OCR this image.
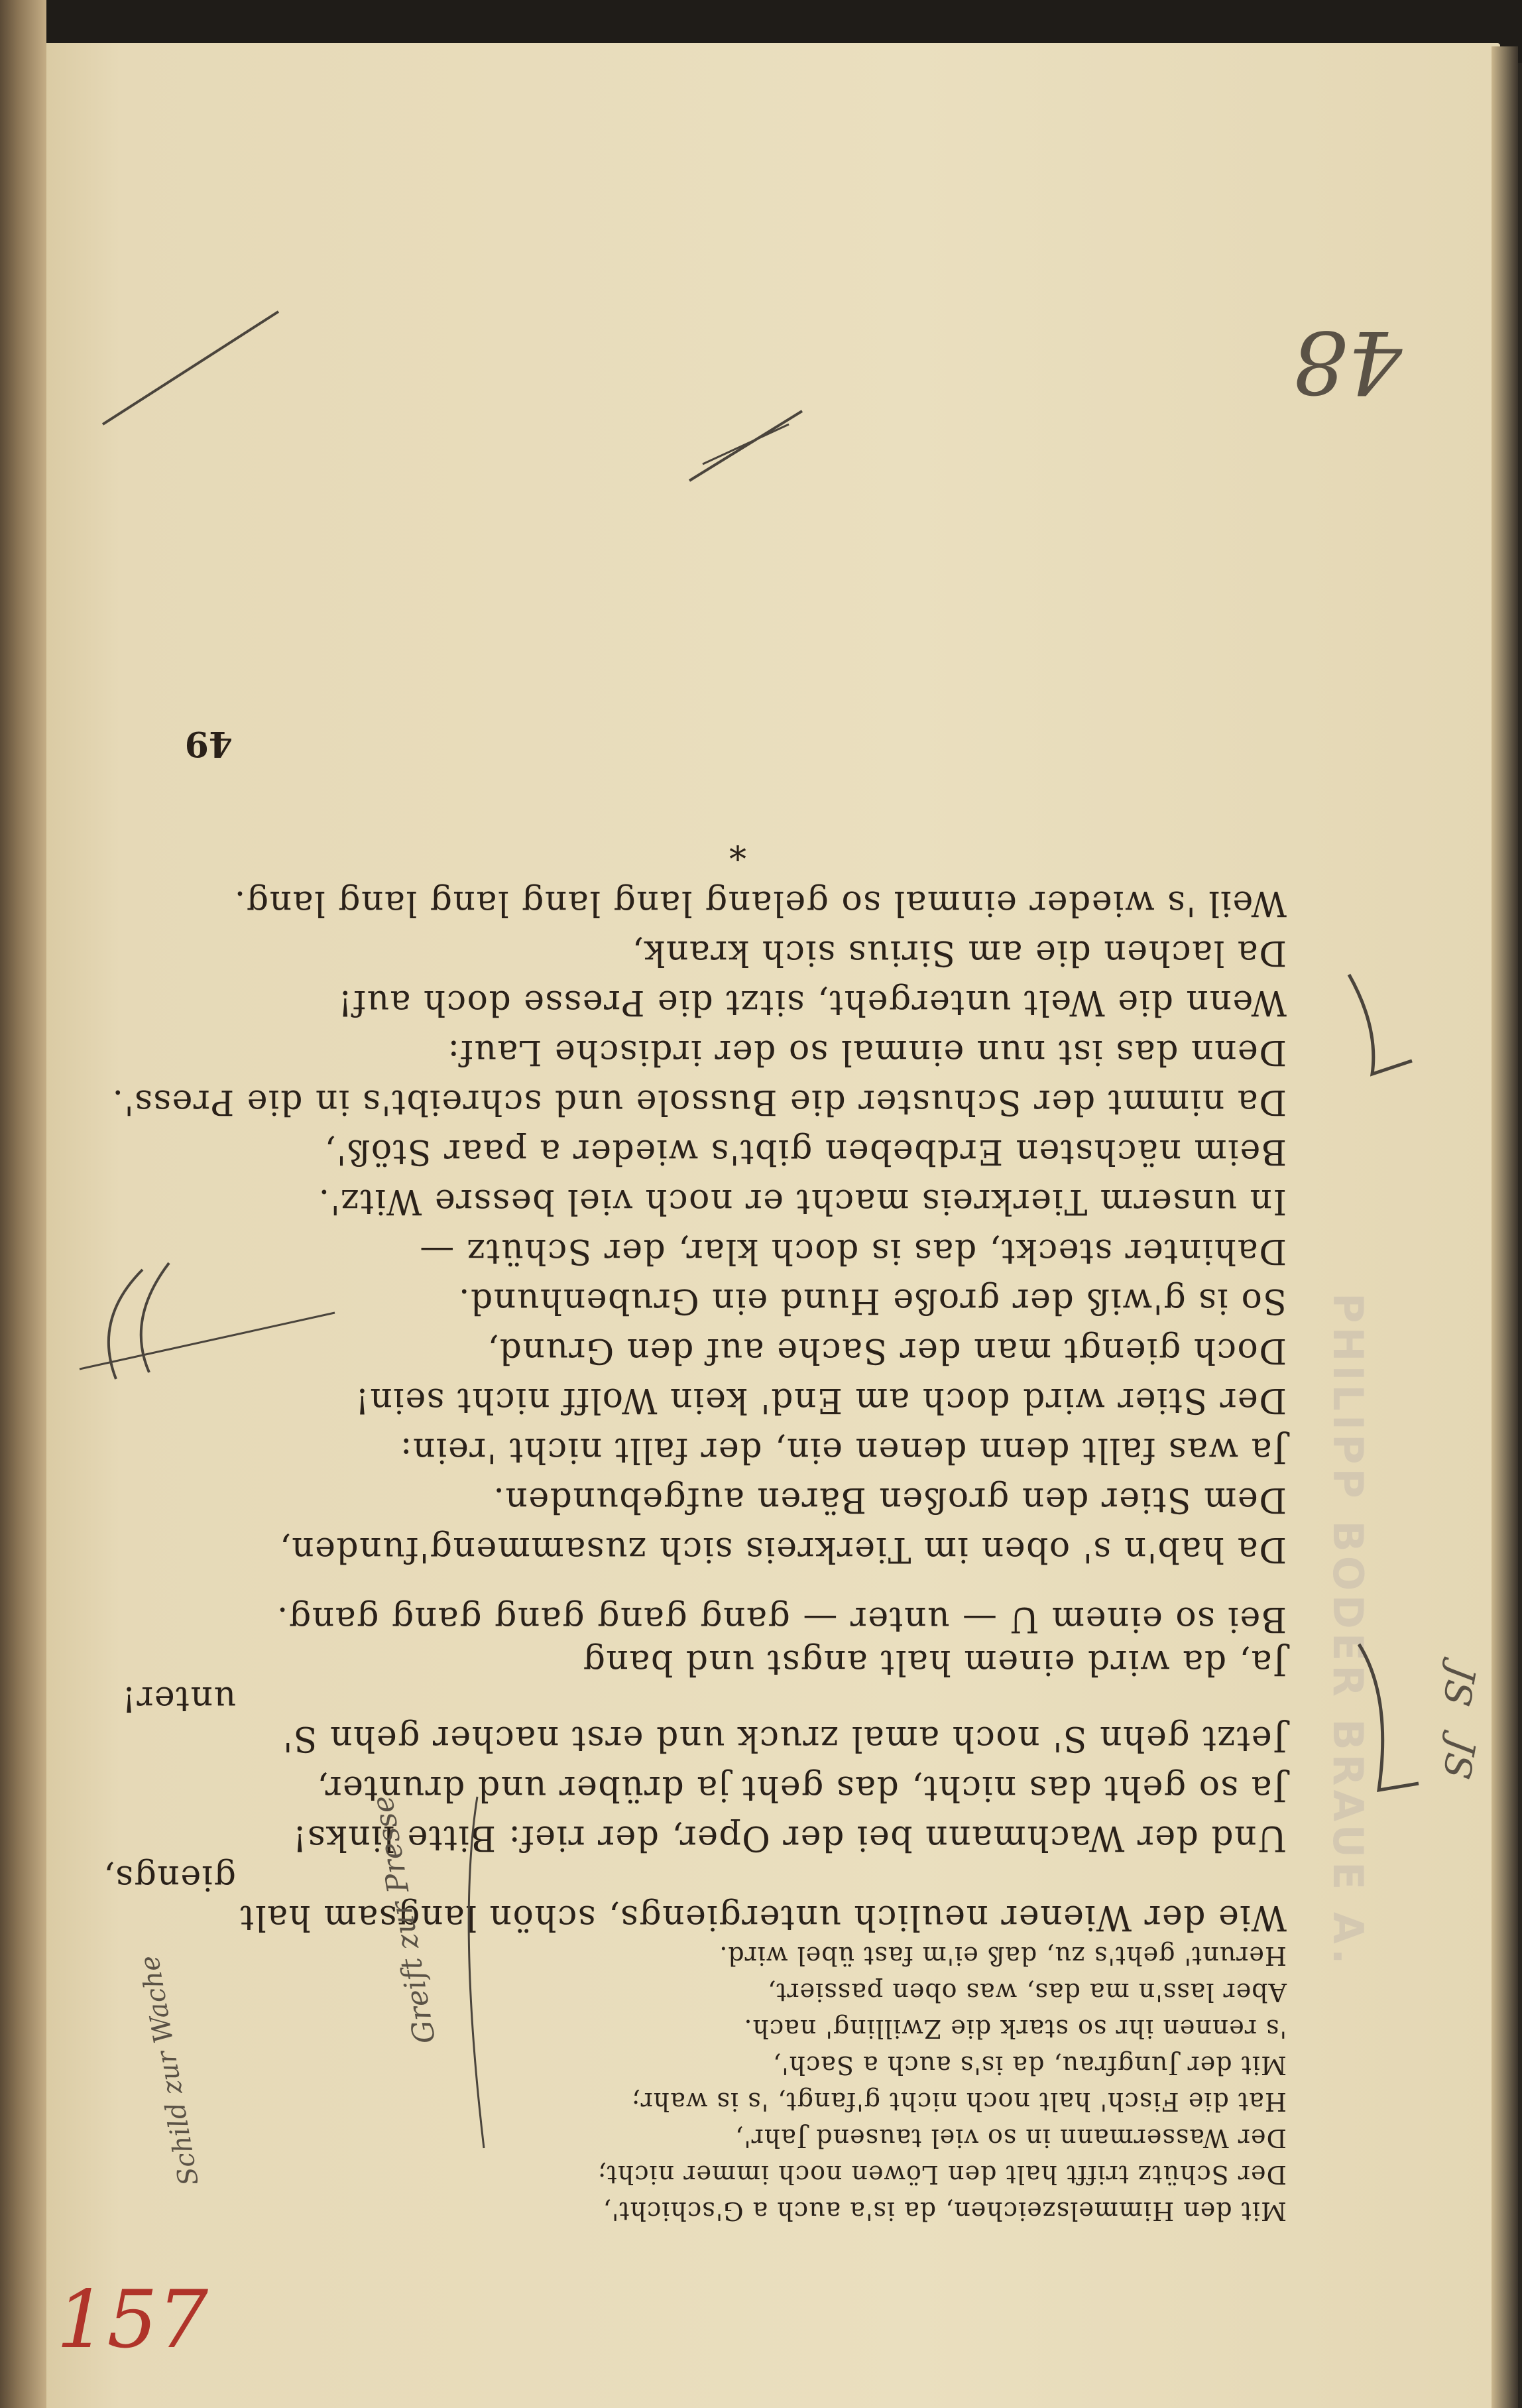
PHILIPP BODER BRAUE A.
Mit den Himmelszeichen, da is'a auch a G'schicht',
Der Schütz trifft halt den Löwen noch immer nicht;
Der Wassermann in so viel tausend Jahr',
Hat die Fisch' halt noch nicht g'fangt, 's is wahr;
Mit der Jungfrau, da is's auch a Sach',
's rennen ihr so stark die Zwilling' nach.
Aber lass'n ma das, was oben passiert,
Herunt' geht's zu, daß ei'm fast übel wird.
Wie der Wiener neulich untergiengs, schön langsam halt
giengs,
Und der Wachmann bei der Oper, der rief: Bitte links!
Ja so geht das nicht, das geht ja drüber und drunter,
Jetzt gehn S' noch amal zruck und erst nacher gehn S'
unter!
Ja, da wird einem halt angst und bang
Bei so einem U — unter — gang gang gang gang gang.
Da hab'n s' oben im Tierkreis sich zusammeng'funden,
Dem Stier den großen Bären aufgebunden.
Ja was fallt denn denen ein, der fallt nicht 'rein:
Der Stier wird doch am End' kein Wolff nicht sein!
Doch giengt man der Sache auf den Grund,
So is g'wiß der große Hund ein Grubenhund.
Dahinter steckt, das is doch klar, der Schütz —
In unserm Tierkreis macht er noch viel bessre Witz'.
Beim nächsten Erdbeben gibt's wieder a paar Stöß',
Da nimmt der Schuster die Bussole und schreibt's in die Press'.
Denn das ist nun einmal so der irdische Lauf:
Wenn die Welt untergeht, sitzt die Presse doch auf!
Da lachen die am Sirius sich krank,
Weil 's wieder einmal so gelang lang lang lang lang lang.
*
49
157
48
JS
JS
Greift zur Presse
Schild zur Wache
